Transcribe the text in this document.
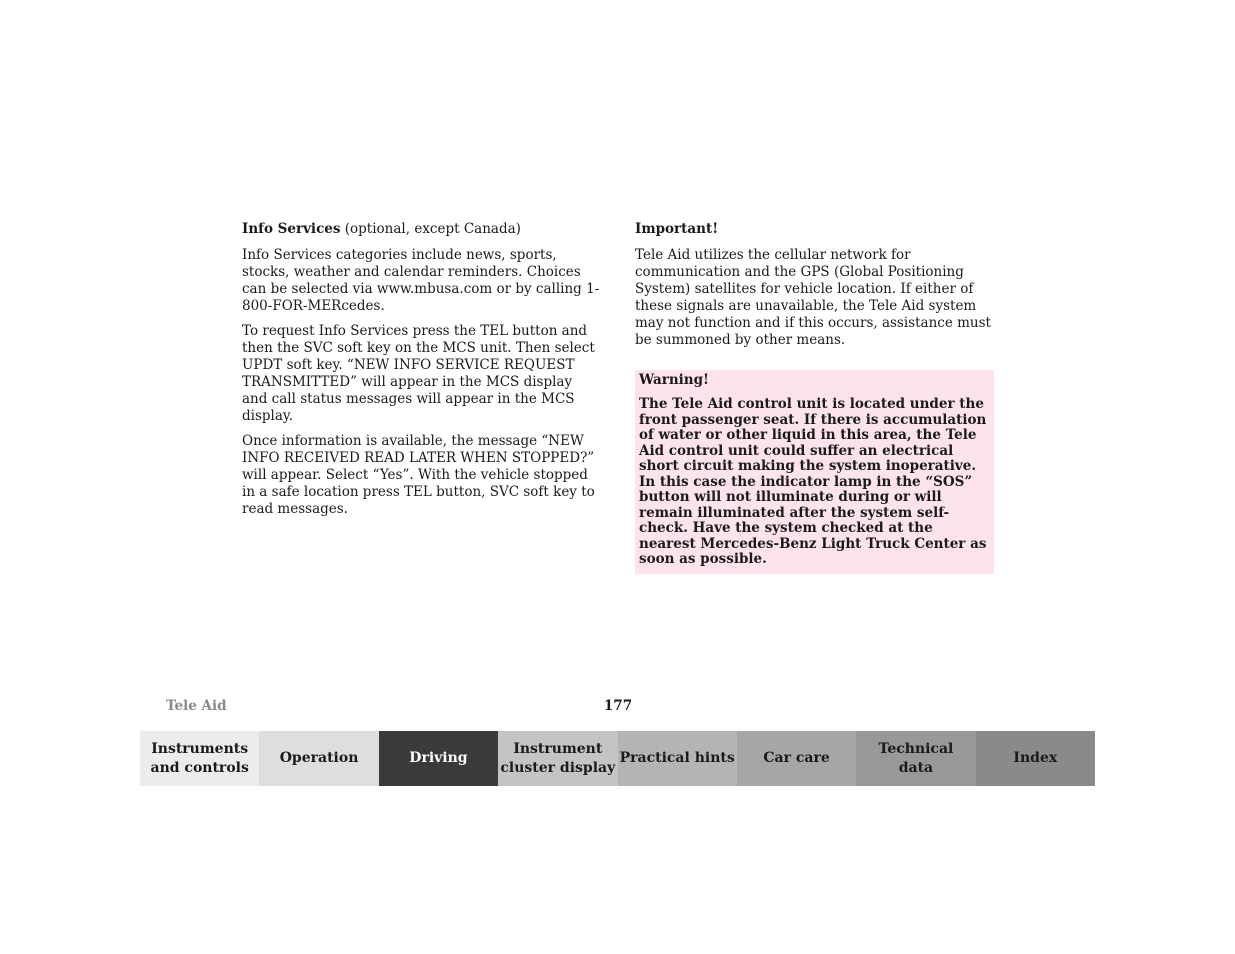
Info Services (optional, except Canada)

Info Services categories include news, sports, stocks, weather and calendar reminders. Choices can be selected via www.mbusa.com or by calling 1-800-FOR-MERcedes.

To request Info Services press the TEL button and then the SVC soft key on the MCS unit. Then select UPDT soft key. “NEW INFO SERVICE REQUEST TRANSMITTED” will appear in the MCS display and call status messages will appear in the MCS display.

Once information is available, the message “NEW INFO RECEIVED READ LATER WHEN STOPPED?” will appear. Select “Yes”. With the vehicle stopped in a safe location press TEL button, SVC soft key to read messages.

Important!

Tele Aid utilizes the cellular network for communication and the GPS (Global Positioning System) satellites for vehicle location. If either of these signals are unavailable, the Tele Aid system may not function and if this occurs, assistance must be summoned by other means.

Warning!
The Tele Aid control unit is located under the front passenger seat. If there is accumulation of water or other liquid in this area, the Tele Aid control unit could suffer an electrical short circuit making the system inoperative. In this case the indicator lamp in the “SOS” button will not illuminate during or will remain illuminated after the system self-check. Have the system checked at the nearest Mercedes-Benz Light Truck Center as soon as possible.
Tele Aid	177
Instruments
and controls
Operation	Driving
Instrument
cluster display
Practical hints	Car care
Technical
data
Index
